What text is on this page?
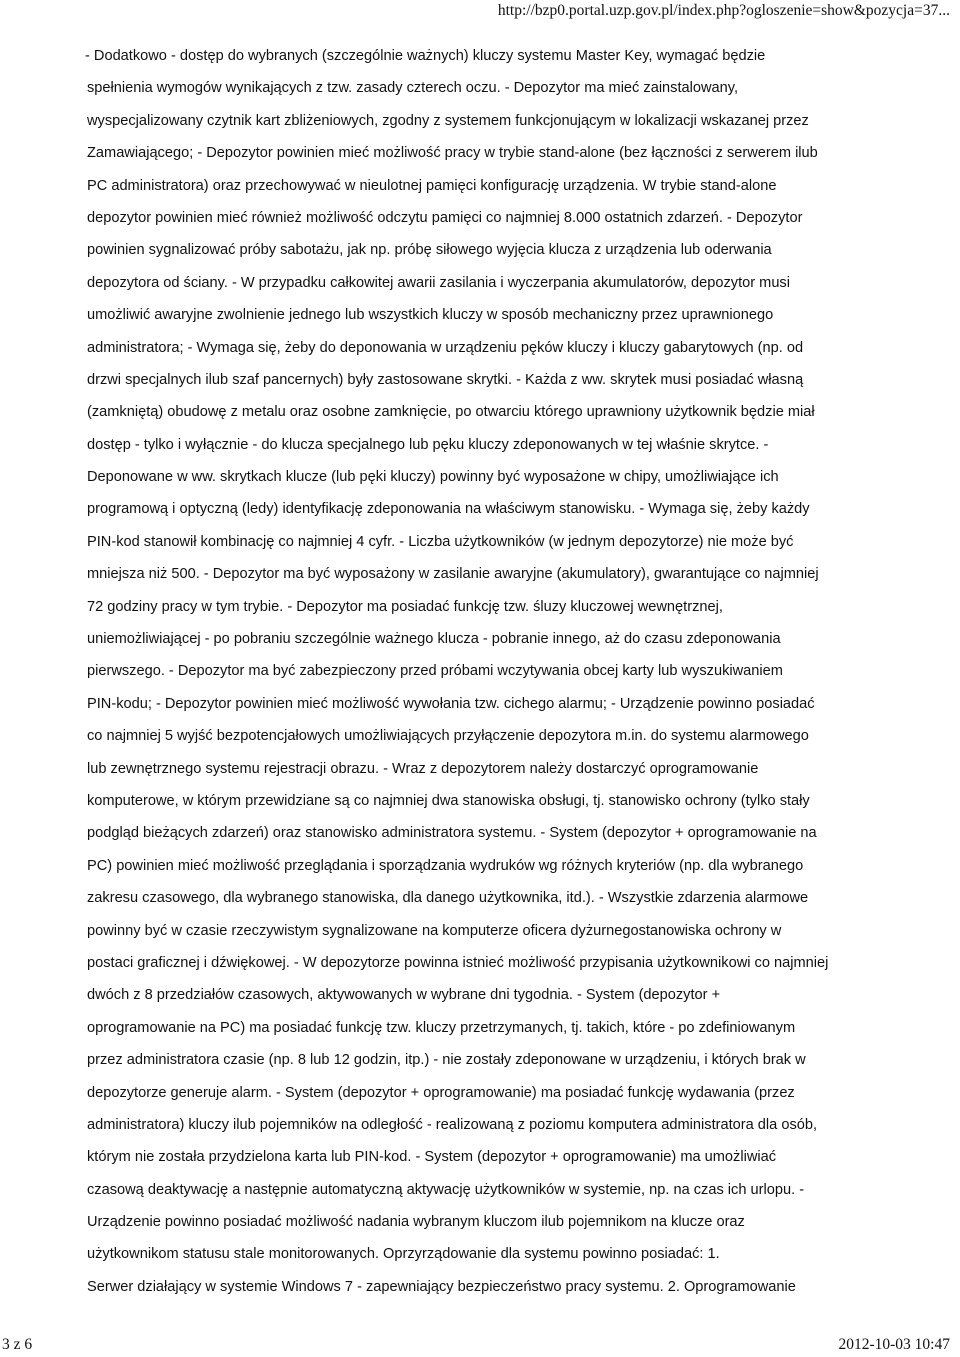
http://bzp0.portal.uzp.gov.pl/index.php?ogloszenie=show&pozycja=37...
- Dodatkowo - dostęp do wybranych (szczególnie ważnych) kluczy systemu Master Key, wymagać będzie
spełnienia wymogów wynikających z tzw. zasady czterech oczu. - Depozytor ma mieć zainstalowany,
wyspecjalizowany czytnik kart zbliżeniowych, zgodny z systemem funkcjonującym w lokalizacji wskazanej przez
Zamawiającego; - Depozytor powinien mieć możliwość pracy w trybie stand-alone (bez łączności z serwerem ilub
PC administratora) oraz przechowywać w nieulotnej pamięci konfigurację urządzenia. W trybie stand-alone
depozytor powinien mieć również możliwość odczytu pamięci co najmniej 8.000 ostatnich zdarzeń. - Depozytor
powinien sygnalizować próby sabotażu, jak np. próbę siłowego wyjęcia klucza z urządzenia lub oderwania
depozytora od ściany. - W przypadku całkowitej awarii zasilania i wyczerpania akumulatorów, depozytor musi
umożliwić awaryjne zwolnienie jednego lub wszystkich kluczy w sposób mechaniczny przez uprawnionego
administratora; - Wymaga się, żeby do deponowania w urządzeniu pęków kluczy i kluczy gabarytowych (np. od
drzwi specjalnych ilub szaf pancernych) były zastosowane skrytki. - Każda z ww. skrytek musi posiadać własną
(zamkniętą) obudowę z metalu oraz osobne zamknięcie, po otwarciu którego uprawniony użytkownik będzie miał
dostęp - tylko i wyłącznie - do klucza specjalnego lub pęku kluczy zdeponowanych w tej właśnie skrytce. -
Deponowane w ww. skrytkach klucze (lub pęki kluczy) powinny być wyposażone w chipy, umożliwiające ich
programową i optyczną (ledy) identyfikację zdeponowania na właściwym stanowisku. - Wymaga się, żeby każdy
PIN-kod stanowił kombinację co najmniej 4 cyfr. - Liczba użytkowników (w jednym depozytorze) nie może być
mniejsza niż 500. - Depozytor ma być wyposażony w zasilanie awaryjne (akumulatory), gwarantujące co najmniej
72 godziny pracy w tym trybie. - Depozytor ma posiadać funkcję tzw. śluzy kluczowej wewnętrznej,
uniemożliwiającej - po pobraniu szczególnie ważnego klucza - pobranie innego, aż do czasu zdeponowania
pierwszego. - Depozytor ma być zabezpieczony przed próbami wczytywania obcej karty lub wyszukiwaniem
PIN-kodu; - Depozytor powinien mieć możliwość wywołania tzw. cichego alarmu; - Urządzenie powinno posiadać
co najmniej 5 wyjść bezpotencjałowych umożliwiających przyłączenie depozytora m.in. do systemu alarmowego
lub zewnętrznego systemu rejestracji obrazu. - Wraz z depozytorem należy dostarczyć oprogramowanie
komputerowe, w którym przewidziane są co najmniej dwa stanowiska obsługi, tj. stanowisko ochrony (tylko stały
podgląd bieżących zdarzeń) oraz stanowisko administratora systemu. - System (depozytor + oprogramowanie na
PC) powinien mieć możliwość przeglądania i sporządzania wydruków wg różnych kryteriów (np. dla wybranego
zakresu czasowego, dla wybranego stanowiska, dla danego użytkownika, itd.). - Wszystkie zdarzenia alarmowe
powinny być w czasie rzeczywistym sygnalizowane na komputerze oficera dyżurnegostanowiska ochrony w
postaci graficznej i dźwiękowej. - W depozytorze powinna istnieć możliwość przypisania użytkownikowi co najmniej
dwóch z 8 przedziałów czasowych, aktywowanych w wybrane dni tygodnia. - System (depozytor +
oprogramowanie na PC) ma posiadać funkcję tzw. kluczy przetrzymanych, tj. takich, które - po zdefiniowanym
przez administratora czasie (np. 8 lub 12 godzin, itp.) - nie zostały zdeponowane w urządzeniu, i których brak w
depozytorze generuje alarm. - System (depozytor + oprogramowanie) ma posiadać funkcję wydawania (przez
administratora) kluczy ilub pojemników na odległość - realizowaną z poziomu komputera administratora dla osób,
którym nie została przydzielona karta lub PIN-kod. - System (depozytor + oprogramowanie) ma umożliwiać
czasową deaktywację a następnie automatyczną aktywację użytkowników w systemie, np. na czas ich urlopu. -
Urządzenie powinno posiadać możliwość nadania wybranym kluczom ilub pojemnikom na klucze oraz
użytkownikom statusu stale monitorowanych. Oprzyrządowanie dla systemu powinno posiadać: 1.
Serwer działający w systemie Windows 7 - zapewniający bezpieczeństwo pracy systemu. 2. Oprogramowanie
3 z 6	2012-10-03 10:47
